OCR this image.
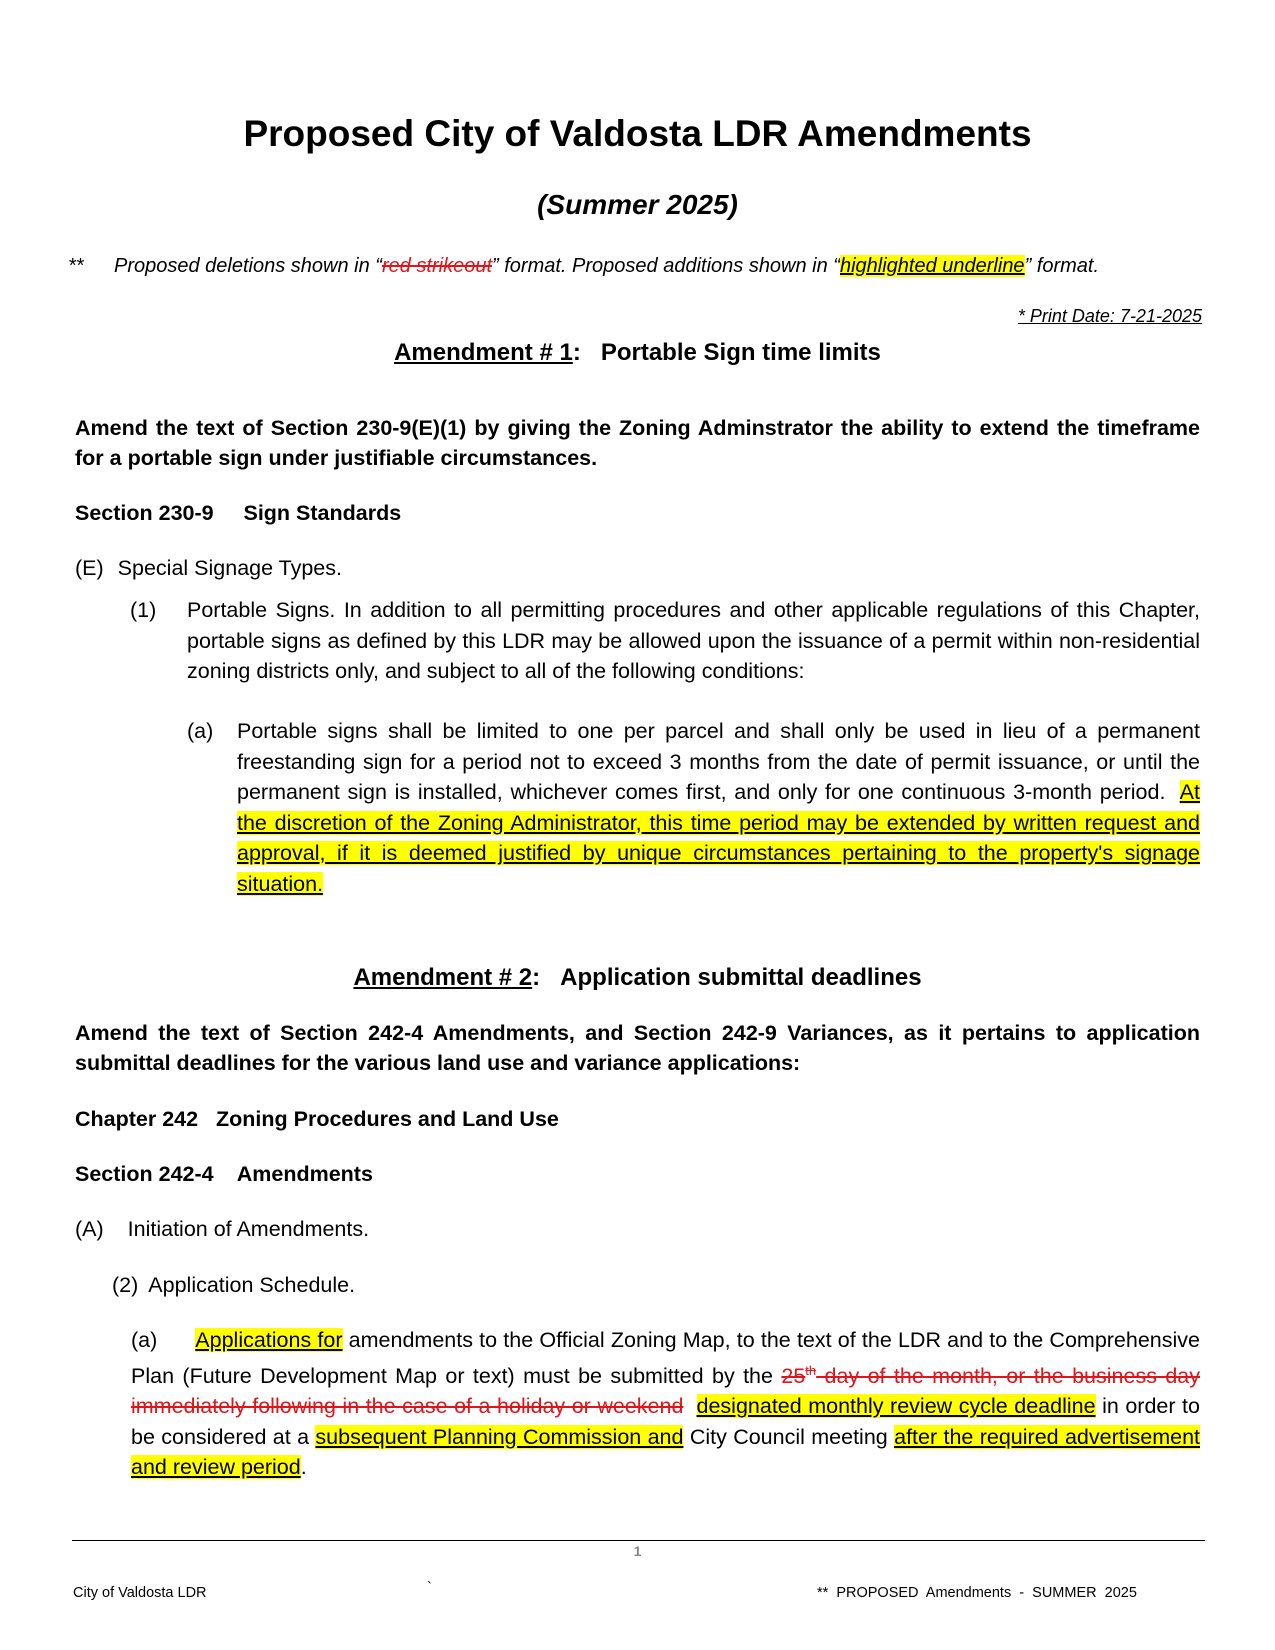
Proposed City of Valdosta LDR Amendments
(Summer 2025)
** Proposed deletions shown in “red strikeout” format. Proposed additions shown in “highlighted underline” format.
* Print Date: 7-21-2025
Amendment # 1: Portable Sign time limits
Amend the text of Section 230-9(E)(1) by giving the Zoning Adminstrator the ability to extend the timeframe for a portable sign under justifiable circumstances.
Section 230-9     Sign Standards
(E) Special Signage Types.
(1) Portable Signs. In addition to all permitting procedures and other applicable regulations of this Chapter, portable signs as defined by this LDR may be allowed upon the issuance of a permit within non-residential zoning districts only, and subject to all of the following conditions:
(a) Portable signs shall be limited to one per parcel and shall only be used in lieu of a permanent freestanding sign for a period not to exceed 3 months from the date of permit issuance, or until the permanent sign is installed, whichever comes first, and only for one continuous 3-month period. At the discretion of the Zoning Administrator, this time period may be extended by written request and approval, if it is deemed justified by unique circumstances pertaining to the property's signage situation.
Amendment # 2: Application submittal deadlines
Amend the text of Section 242-4 Amendments, and Section 242-9 Variances, as it pertains to application submittal deadlines for the various land use and variance applications:
Chapter 242   Zoning Procedures and Land Use
Section 242-4    Amendments
(A) Initiation of Amendments.
(2) Application Schedule.
(a) Applications for amendments to the Official Zoning Map, to the text of the LDR and to the Comprehensive Plan (Future Development Map or text) must be submitted by the 25th day of the month, or the business day immediately following in the case of a holiday or weekend designated monthly review cycle deadline in order to be considered at a subsequent Planning Commission and City Council meeting after the required advertisement and review period.
1
City of Valdosta LDR	`	**  PROPOSED  Amendments  -  SUMMER  2025
